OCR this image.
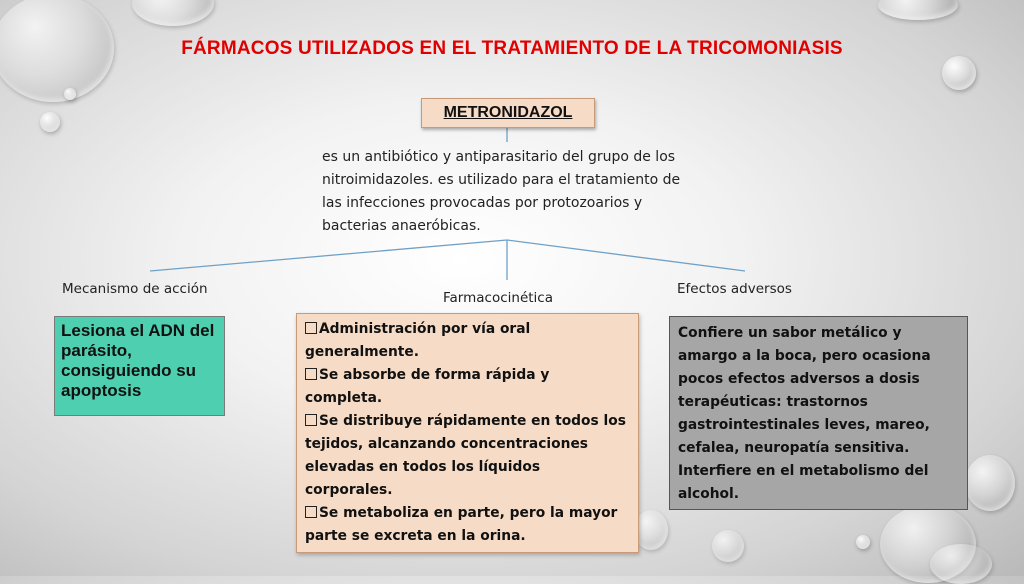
FÁRMACOS UTILIZADOS EN EL TRATAMIENTO DE LA TRICOMONIASIS
METRONIDAZOL
es un antibiótico y antiparasitario del grupo de los nitroimidazoles. es utilizado para el tratamiento de las infecciones provocadas por protozoarios y bacterias anaeróbicas.
Mecanismo de acción
Farmacocinética
Efectos adversos
Lesiona el ADN del parásito, consiguiendo su apoptosis
Administración por vía oral generalmente.
Se absorbe de forma rápida y completa.
Se distribuye rápidamente en todos los tejidos, alcanzando concentraciones elevadas en todos los líquidos corporales.
Se metaboliza en parte, pero la mayor parte se excreta en la orina.
Confiere un sabor metálico y amargo a la boca, pero ocasiona pocos efectos adversos a dosis terapéuticas: trastornos gastrointestinales leves, mareo, cefalea, neuropatía sensitiva. Interfiere en el metabolismo del alcohol.
